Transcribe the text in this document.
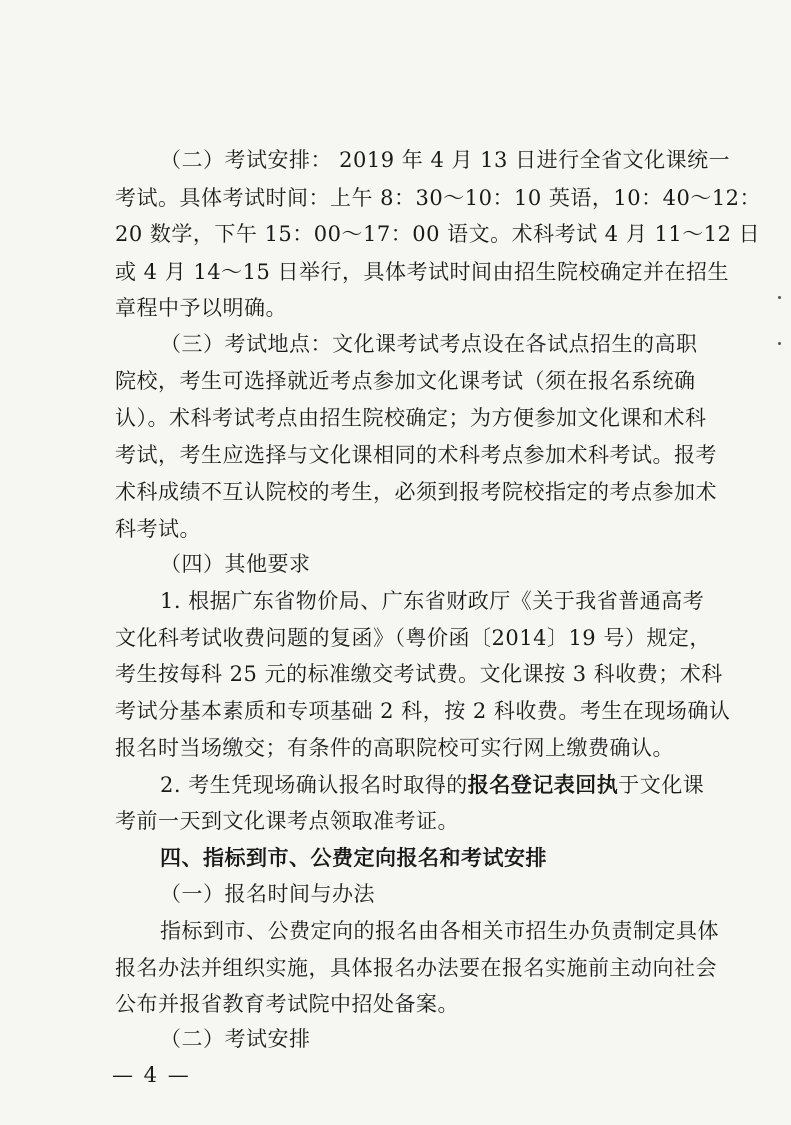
（二）考试安排： 2019 年 4 月 13 日进行全省文化课统一
考试。具体考试时间：上午 8：30～10：10 英语，10：40～12：
20 数学，下午 15：00～17：00 语文。术科考试 4 月 11～12 日
或 4 月 14～15 日举行，具体考试时间由招生院校确定并在招生
章程中予以明确。
（三）考试地点：文化课考试考点设在各试点招生的高职
院校，考生可选择就近考点参加文化课考试（须在报名系统确
认）。术科考试考点由招生院校确定；为方便参加文化课和术科
考试，考生应选择与文化课相同的术科考点参加术科考试。报考
术科成绩不互认院校的考生，必须到报考院校指定的考点参加术
科考试。
（四）其他要求
1. 根据广东省物价局、广东省财政厅《关于我省普通高考
文化科考试收费问题的复函》（粤价函〔2014〕19 号）规定，
考生按每科 25 元的标准缴交考试费。文化课按 3 科收费；术科
考试分基本素质和专项基础 2 科，按 2 科收费。考生在现场确认
报名时当场缴交；有条件的高职院校可实行网上缴费确认。
2. 考生凭现场确认报名时取得的报名登记表回执于文化课
考前一天到文化课考点领取准考证。
四、指标到市、公费定向报名和考试安排
（一）报名时间与办法
指标到市、公费定向的报名由各相关市招生办负责制定具体
报名办法并组织实施，具体报名办法要在报名实施前主动向社会
公布并报省教育考试院中招处备案。
（二）考试安排
— 4 —
